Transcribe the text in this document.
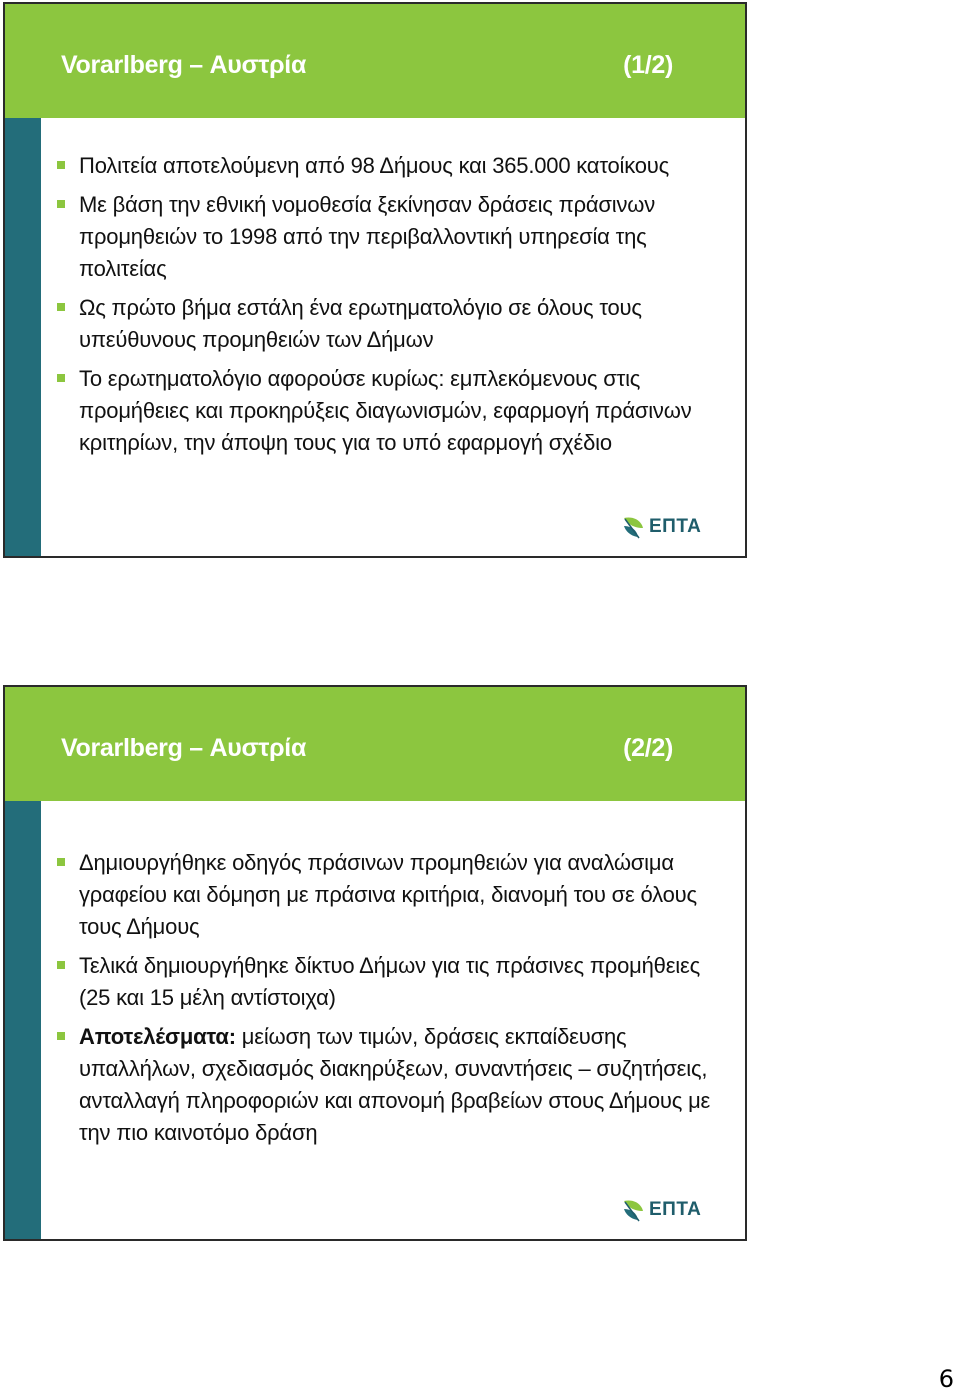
Vorarlberg – Αυστρία	(1/2)
Πολιτεία αποτελούμενη από 98 Δήμους και 365.000 κατοίκους
Με βάση την εθνική νομοθεσία ξεκίνησαν δράσεις πράσινων προμηθειών το 1998 από την περιβαλλοντική υπηρεσία της πολιτείας
Ως πρώτο βήμα εστάλη ένα ερωτηματολόγιο σε όλους τους υπεύθυνους προμηθειών των Δήμων
Το ερωτηματολόγιο αφορούσε κυρίως: εμπλεκόμενους στις προμήθειες και προκηρύξεις διαγωνισμών, εφαρμογή πράσινων κριτηρίων, την άποψη τους για το υπό εφαρμογή σχέδιο
ΕΠΤΑ
Vorarlberg – Αυστρία	(2/2)
Δημιουργήθηκε οδηγός πράσινων προμηθειών για αναλώσιμα γραφείου και δόμηση με πράσινα κριτήρια, διανομή του σε όλους τους Δήμους
Τελικά δημιουργήθηκε δίκτυο Δήμων για τις πράσινες προμήθειες (25 και 15 μέλη αντίστοιχα)
Αποτελέσματα: μείωση των τιμών, δράσεις εκπαίδευσης υπαλλήλων, σχεδιασμός διακηρύξεων, συναντήσεις – συζητήσεις, ανταλλαγή πληροφοριών και απονομή βραβείων στους Δήμους με την πιο καινοτόμο δράση
ΕΠΤΑ
6
